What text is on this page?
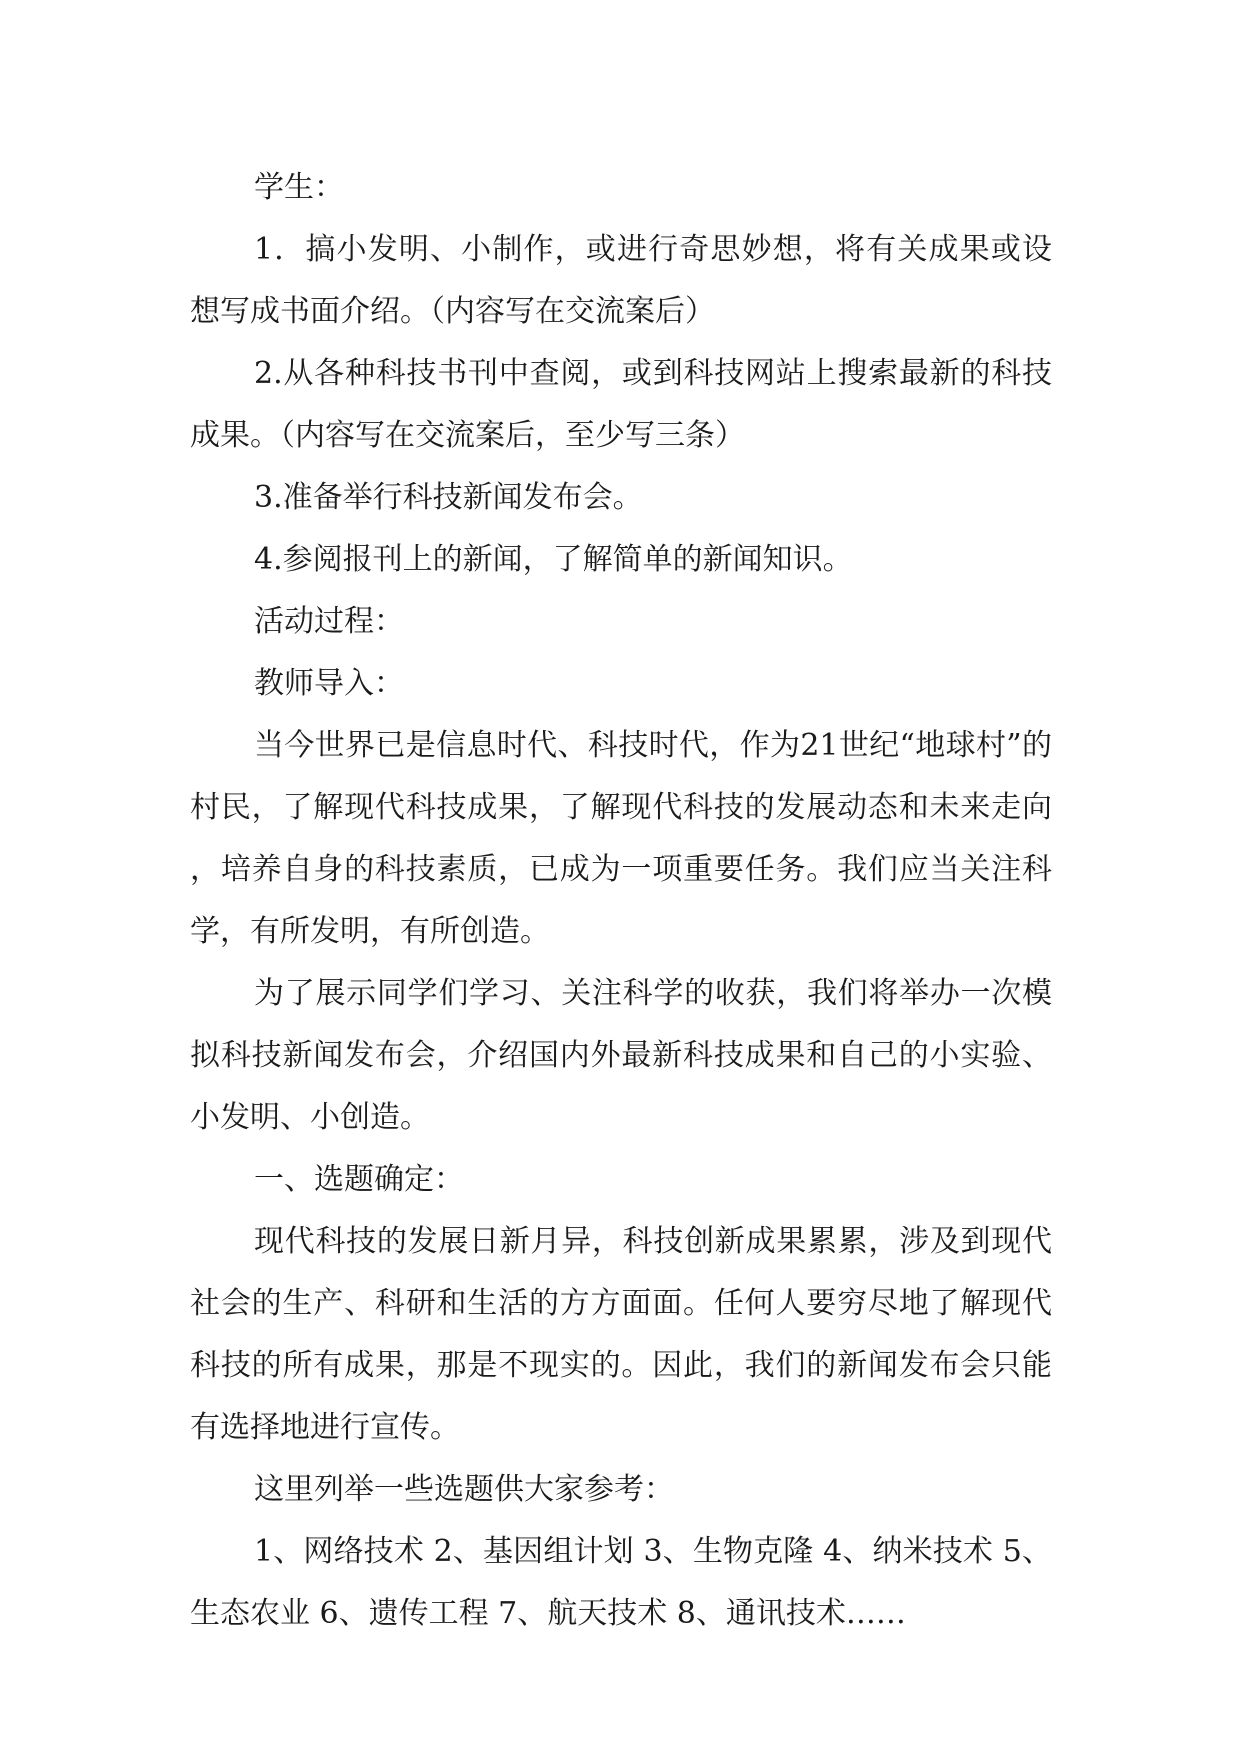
学生：

1．搞小发明、小制作，或进行奇思妙想，将有关成果或设想写成书面介绍。（内容写在交流案后）

2.从各种科技书刊中查阅，或到科技网站上搜索最新的科技成果。（内容写在交流案后，至少写三条）

3.准备举行科技新闻发布会。

4.参阅报刊上的新闻，了解简单的新闻知识。

活动过程：

教师导入：

当今世界已是信息时代、科技时代，作为21世纪“地球村”的村民，了解现代科技成果，了解现代科技的发展动态和未来走向，培养自身的科技素质，已成为一项重要任务。我们应当关注科学，有所发明，有所创造。

为了展示同学们学习、关注科学的收获，我们将举办一次模拟科技新闻发布会，介绍国内外最新科技成果和自己的小实验、小发明、小创造。

一、选题确定：

现代科技的发展日新月异，科技创新成果累累，涉及到现代社会的生产、科研和生活的方方面面。任何人要穷尽地了解现代科技的所有成果，那是不现实的。因此，我们的新闻发布会只能有选择地进行宣传。

这里列举一些选题供大家参考：

1、网络技术 2、基因组计划 3、生物克隆 4、纳米技术 5、生态农业 6、遗传工程 7、航天技术 8、通讯技术……
